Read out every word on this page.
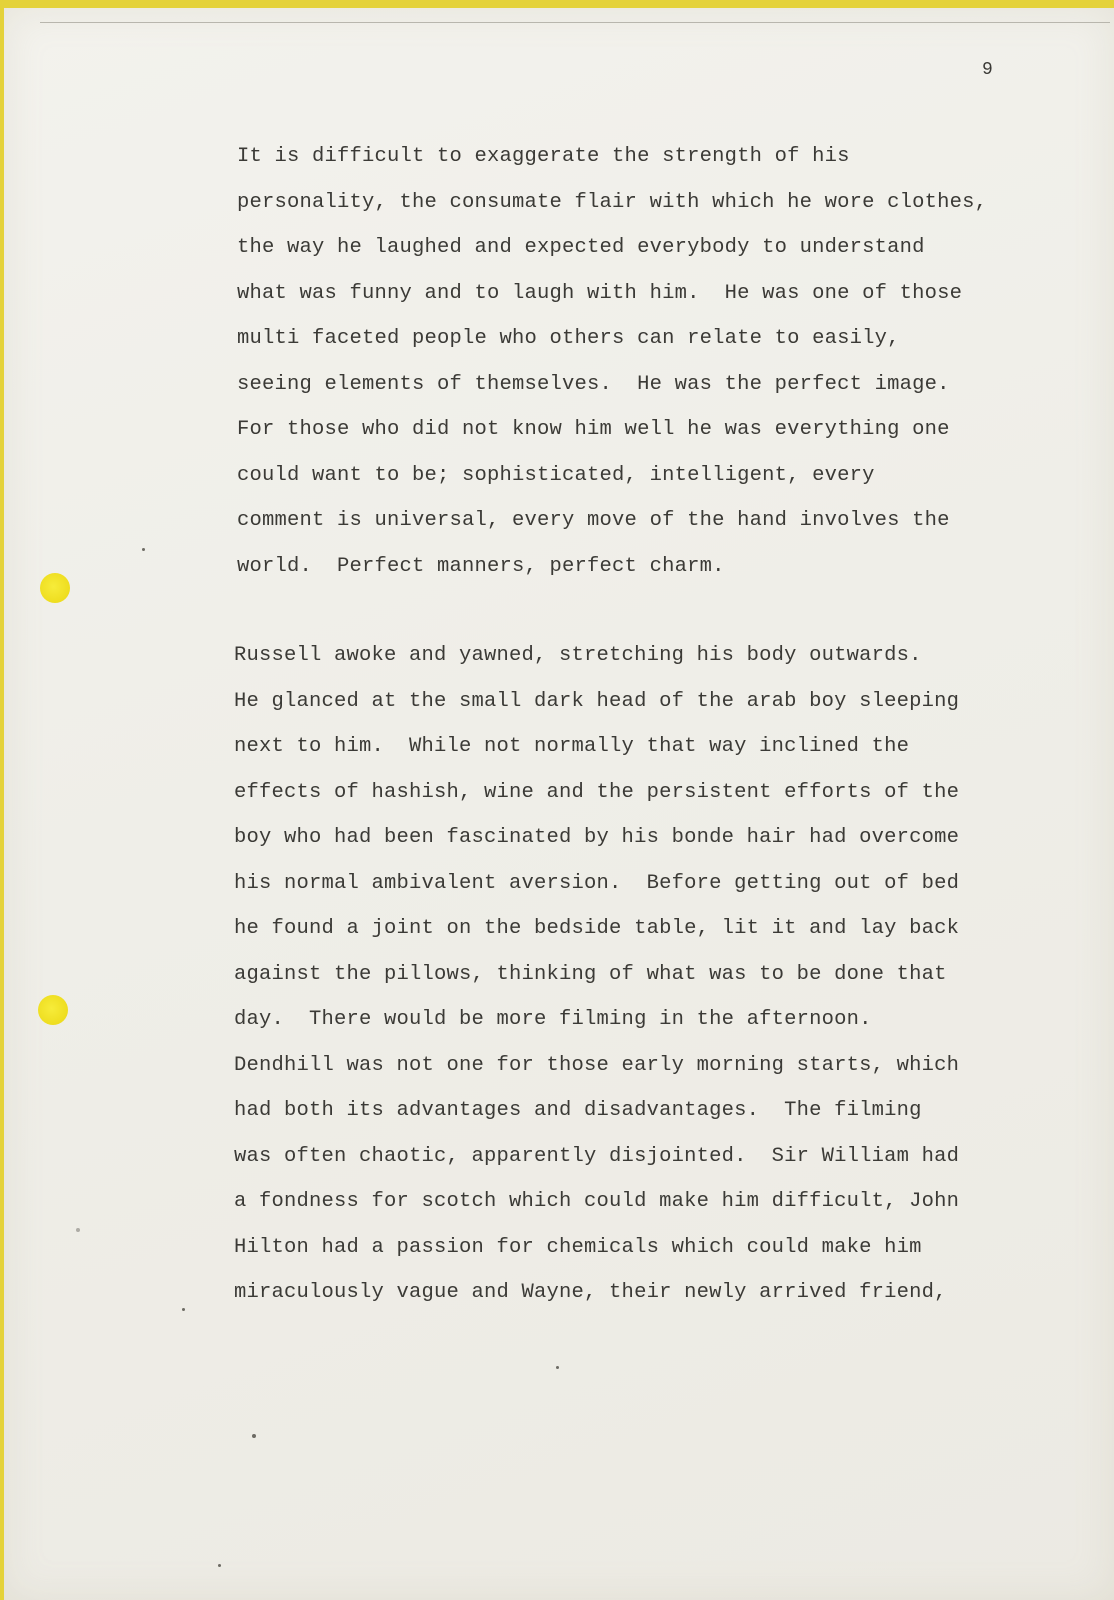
9
It is difficult to exaggerate the strength of his
personality, the consumate flair with which he wore clothes,
the way he laughed and expected everybody to understand
what was funny and to laugh with him.  He was one of those
multi faceted people who others can relate to easily,
seeing elements of themselves.  He was the perfect image.
For those who did not know him well he was everything one
could want to be; sophisticated, intelligent, every
comment is universal, every move of the hand involves the
world.  Perfect manners, perfect charm.
Russell awoke and yawned, stretching his body outwards.
He glanced at the small dark head of the arab boy sleeping
next to him.  While not normally that way inclined the
effects of hashish, wine and the persistent efforts of the
boy who had been fascinated by his bonde hair had overcome
his normal ambivalent aversion.  Before getting out of bed
he found a joint on the bedside table, lit it and lay back
against the pillows, thinking of what was to be done that
day.  There would be more filming in the afternoon.
Dendhill was not one for those early morning starts, which
had both its advantages and disadvantages.  The filming
was often chaotic, apparently disjointed.  Sir William had
a fondness for scotch which could make him difficult, John
Hilton had a passion for chemicals which could make him
miraculously vague and Wayne, their newly arrived friend,
